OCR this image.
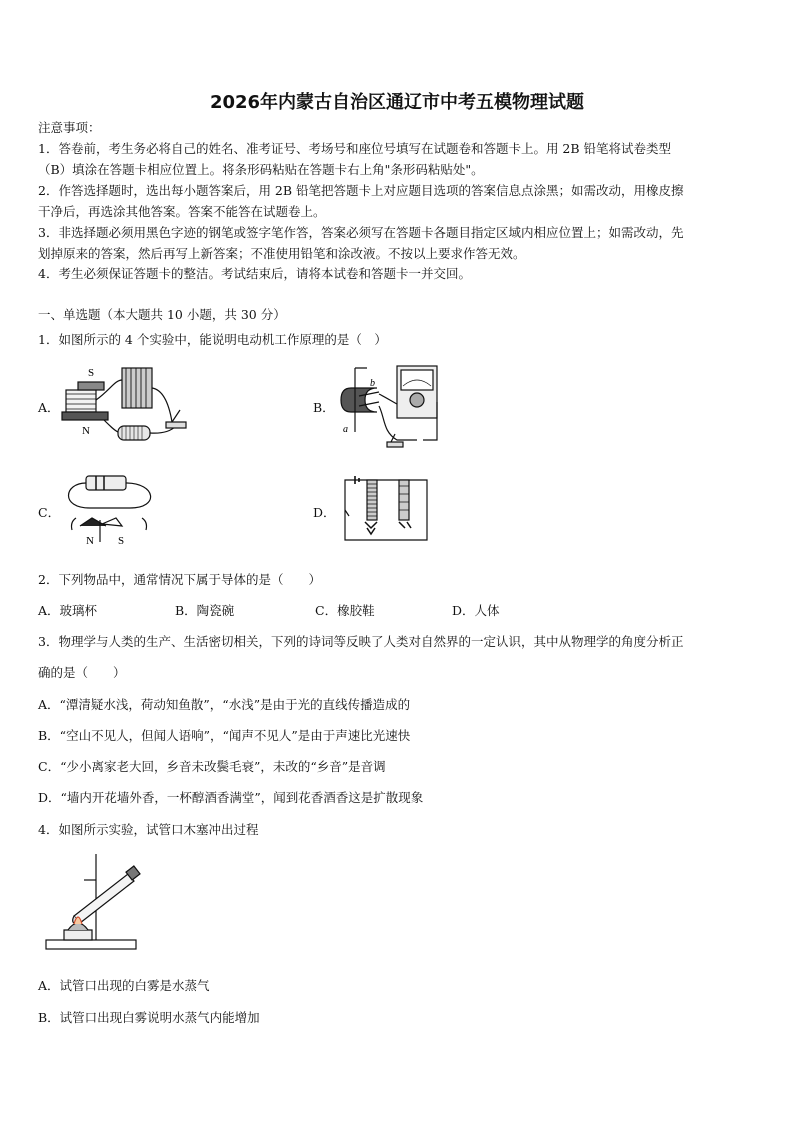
2026年内蒙古自治区通辽市中考五模物理试题
注意事项：
1．答卷前，考生务必将自己的姓名、准考证号、考场号和座位号填写在试题卷和答题卡上。用 2B 铅笔将试卷类型
（B）填涂在答题卡相应位置上。将条形码粘贴在答题卡右上角"条形码粘贴处"。
2．作答选择题时，选出每小题答案后，用 2B 铅笔把答题卡上对应题目选项的答案信息点涂黑；如需改动，用橡皮擦
干净后，再选涂其他答案。答案不能答在试题卷上。
3．非选择题必须用黑色字迹的钢笔或签字笔作答，答案必须写在答题卡各题目指定区域内相应位置上；如需改动，先
划掉原来的答案，然后再写上新答案；不准使用铅笔和涂改液。不按以上要求作答无效。
4．考生必须保证答题卡的整洁。考试结束后，请将本试卷和答题卡一并交回。
一、单选题（本大题共 10 小题，共 30 分）
1．如图所示的 4 个实验中，能说明电动机工作原理的是（　）
A．	B．
C．	D．
S
N
b
a
N S
2．下列物品中，通常情况下属于导体的是（　　）
A．玻璃杯	B．陶瓷碗	C．橡胶鞋	D．人体
3．物理学与人类的生产、生活密切相关，下列的诗词等反映了人类对自然界的一定认识，其中从物理学的角度分析正
确的是（　　）
A．“潭清疑水浅，荷动知鱼散”，“水浅”是由于光的直线传播造成的
B．“空山不见人，但闻人语响”，“闻声不见人”是由于声速比光速快
C．“少小离家老大回，乡音未改鬓毛衰”，未改的“乡音”是音调
D．“墙内开花墙外香，一杯醇酒香满堂”，闻到花香酒香这是扩散现象
4．如图所示实验，试管口木塞冲出过程
A．试管口出现的白雾是水蒸气
B．试管口出现白雾说明水蒸气内能增加
